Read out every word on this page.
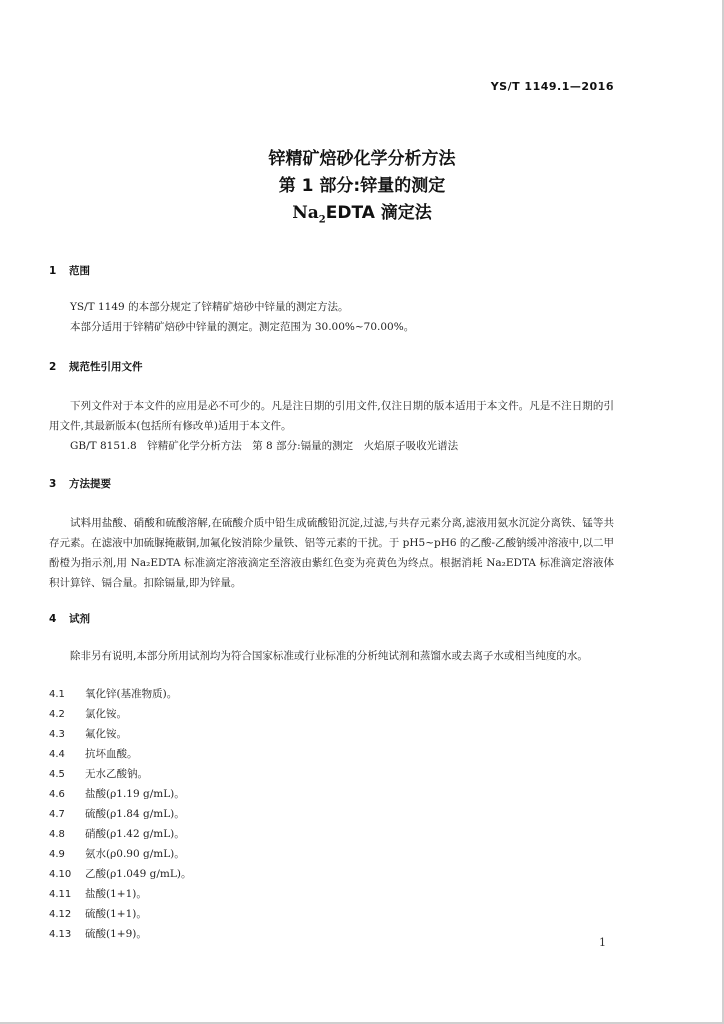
YS/T 1149.1—2016
锌精矿焙砂化学分析方法
第 1 部分:锌量的测定
$Na_2EDTA$ 滴定法
1 范围
YS/T 1149 的本部分规定了锌精矿焙砂中锌量的测定方法。
本部分适用于锌精矿焙砂中锌量的测定。测定范围为 30.00%~70.00%。
2 规范性引用文件
下列文件对于本文件的应用是必不可少的。凡是注日期的引用文件,仅注日期的版本适用于本文件。凡是不注日期的引用文件,其最新版本(包括所有修改单)适用于本文件。
GB/T 8151.8　锌精矿化学分析方法　第 8 部分:镉量的测定　火焰原子吸收光谱法
3 方法提要
试料用盐酸、硝酸和硫酸溶解,在硫酸介质中铅生成硫酸铅沉淀,过滤,与共存元素分离,滤液用氨水沉淀分离铁、锰等共存元素。在滤液中加硫脲掩蔽铜,加氟化铵消除少量铁、铝等元素的干扰。于 pH5~pH6 的乙酸-乙酸钠缓冲溶液中,以二甲酚橙为指示剂,用 Na₂EDTA 标准滴定溶液滴定至溶液由紫红色变为亮黄色为终点。根据消耗 Na₂EDTA 标准滴定溶液体积计算锌、镉合量。扣除镉量,即为锌量。
4 试剂
除非另有说明,本部分所用试剂均为符合国家标准或行业标准的分析纯试剂和蒸馏水或去离子水或相当纯度的水。
4.1 氧化锌(基准物质)。
4.2 氯化铵。
4.3 氟化铵。
4.4 抗坏血酸。
4.5 无水乙酸钠。
4.6 盐酸(ρ1.19 g/mL)。
4.7 硫酸(ρ1.84 g/mL)。
4.8 硝酸(ρ1.42 g/mL)。
4.9 氨水(ρ0.90 g/mL)。
4.10 乙酸(ρ1.049 g/mL)。
4.11 盐酸(1+1)。
4.12 硫酸(1+1)。
4.13 硫酸(1+9)。
1
